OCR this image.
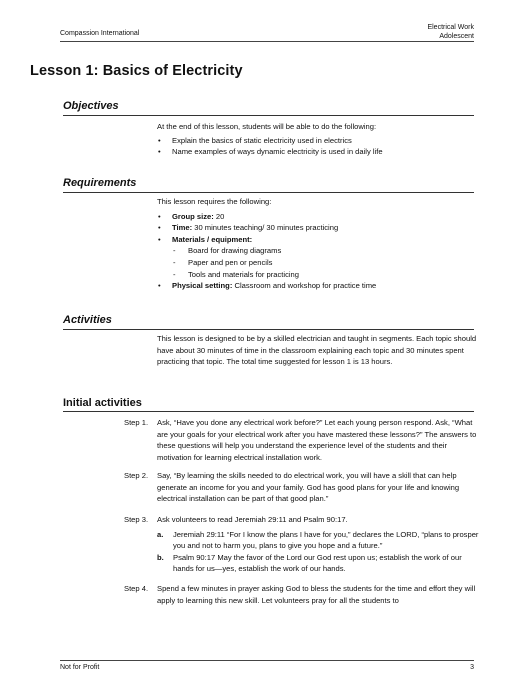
Compassion International
Electrical Work
Adolescent
Lesson 1: Basics of Electricity
Objectives
At the end of this lesson, students will be able to do the following:
• Explain the basics of static electricity used in electrics
• Name examples of ways dynamic electricity is used in daily life
Requirements
This lesson requires the following:
• Group size: 20
• Time: 30 minutes teaching/ 30 minutes practicing
• Materials / equipment:
- Board for drawing diagrams
- Paper and pen or pencils
- Tools and materials for practicing
• Physical setting: Classroom and workshop for practice time
Activities
This lesson is designed to be by a skilled electrician and taught in segments. Each topic should have about 30 minutes of time in the classroom explaining each topic and 30 minutes spent practicing that topic. The total time suggested for lesson 1 is 13 hours.
Initial activities
Step 1. Ask, “Have you done any electrical work before?” Let each young person respond. Ask, “What are your goals for your electrical work after you have mastered these lessons?” The answers to these questions will help you understand the experience level of the students and their motivation for learning electrical installation work.
Step 2. Say, “By learning the skills needed to do electrical work, you will have a skill that can help generate an income for you and your family. God has good plans for your life and knowing electrical installation can be part of that good plan.”
Step 3. Ask volunteers to read Jeremiah 29:11 and Psalm 90:17.
a. Jeremiah 29:11 “For I know the plans I have for you,” declares the LORD, “plans to prosper you and not to harm you, plans to give you hope and a future.”
b. Psalm 90:17 May the favor of the Lord our God rest upon us; establish the work of our hands for us—yes, establish the work of our hands.
Step 4. Spend a few minutes in prayer asking God to bless the students for the time and effort they will apply to learning this new skill. Let volunteers pray for all the students to
Not for Profit	3
